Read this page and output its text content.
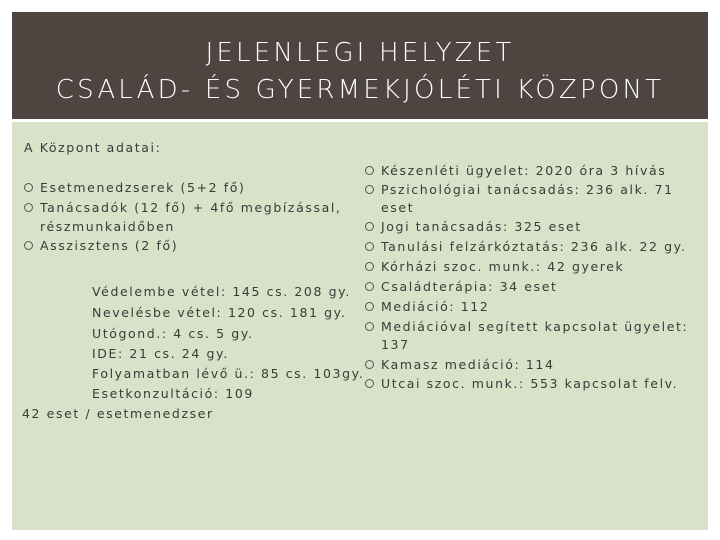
JELENLEGI HELYZET
CSALÁD- ÉS GYERMEKJÓLÉTI KÖZPONT
A Központ adatai:
Esetmenedzserek (5+2 fő)
Tanácsadók (12 fő) + 4fő megbízással,
részmunkaidőben
Asszisztens (2 fő)
Védelembe vétel: 145 cs. 208 gy.
Nevelésbe vétel: 120 cs. 181 gy.
Utógond.: 4 cs. 5 gy.
IDE: 21 cs. 24 gy.
Folyamatban lévő ü.: 85 cs. 103gy.
Esetkonzultáció: 109
42 eset / esetmenedzser
Készenléti ügyelet: 2020 óra 3 hívás
Pszichológiai tanácsadás: 236 alk. 71
eset
Jogi tanácsadás: 325 eset
Tanulási felzárkóztatás: 236 alk. 22 gy.
Kórházi szoc. munk.: 42 gyerek
Családterápia: 34 eset
Mediáció: 112
Mediációval segített kapcsolat ügyelet:
137
Kamasz mediáció: 114
Utcai szoc. munk.: 553 kapcsolat felv.
